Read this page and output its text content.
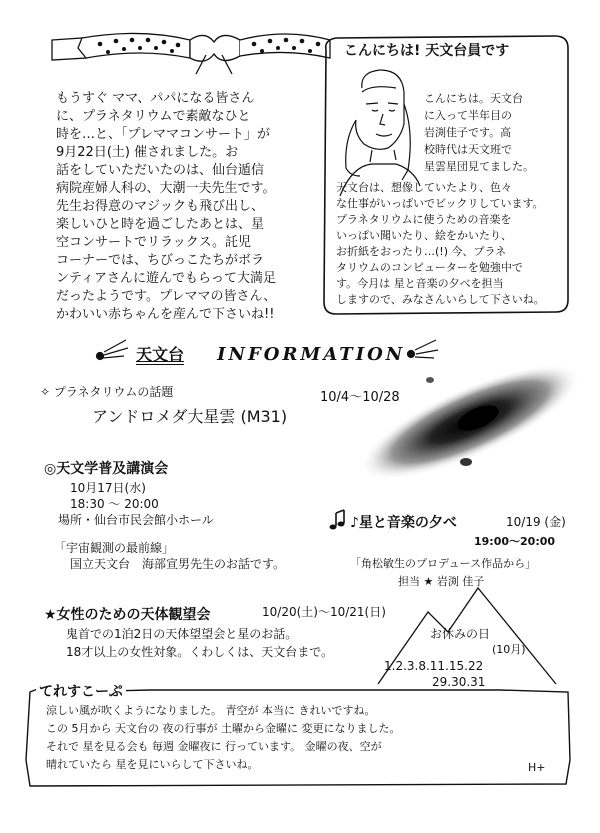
もうすぐ ママ、パパになる皆さん
に、プラネタリウムで素敵なひと
時を…と、「プレママコンサート」が
9月22日(土) 催されました。お
話をしていただいたのは、仙台遁信
病院産婦人科の、大潮一夫先生です。
先生お得意のマジックも飛び出し、
楽しいひと時を過ごしたあとは、星
空コンサートでリラックス。託児
コーナーでは、ちびっこたちがボラ
ンティアさんに遊んでもらって大満足
だったようです。プレママの皆さん、
かわいい赤ちゃんを産んで下さいね!!
こんにちは! 天文台員です
こんにちは。天文台
に入って半年目の
岩渕佳子です。高
校時代は天文班で
星雲星団見てました。
天文台は、想像していたより、色々
な仕事がいっぱいでビックリしています。
プラネタリウムに使うための音楽を
いっぱい聞いたり、絵をかいたり、
お折紙をおったり…(!) 今、プラネ
タリウムのコンピューターを勉強中で
す。今月は 星と音楽の夕べを担当
しますので、みなさんいらして下さいね。
天文台 INFORMATION
✧ プラネタリウムの話題
アンドロメダ大星雲 (M31)
10/4～10/28
◎天文学普及講演会
10月17日(水)
18:30 ～ 20:00
場所・仙台市民会館小ホール
「宇宙観測の最前線」
国立天文台　海部宣男先生のお話です。
♪星と音楽の夕べ	10/19 (金)
19:00～20:00
「角松敏生のプロデュース作品から」
担当 ★ 岩渕 佳子
★女性のための天体観望会	10/20(土)～10/21(日)
鬼首での1泊2日の天体望望会と星のお話。
18才以上の女性対象。くわしくは、天文台まで。
お休みの日
(10月)
1.2.3.8.11.15.22
29.30.31
てれすこーぷ
涼しい風が吹くようになりました。 青空が 本当に きれいですね。
この 5月から 天文台の 夜の行事が 土曜から金曜に 変更になりました。
それで 星を見る会も 毎週 金曜夜に 行っています。 金曜の夜、空が
晴れていたら 星を見にいらして下さいね。	H+
